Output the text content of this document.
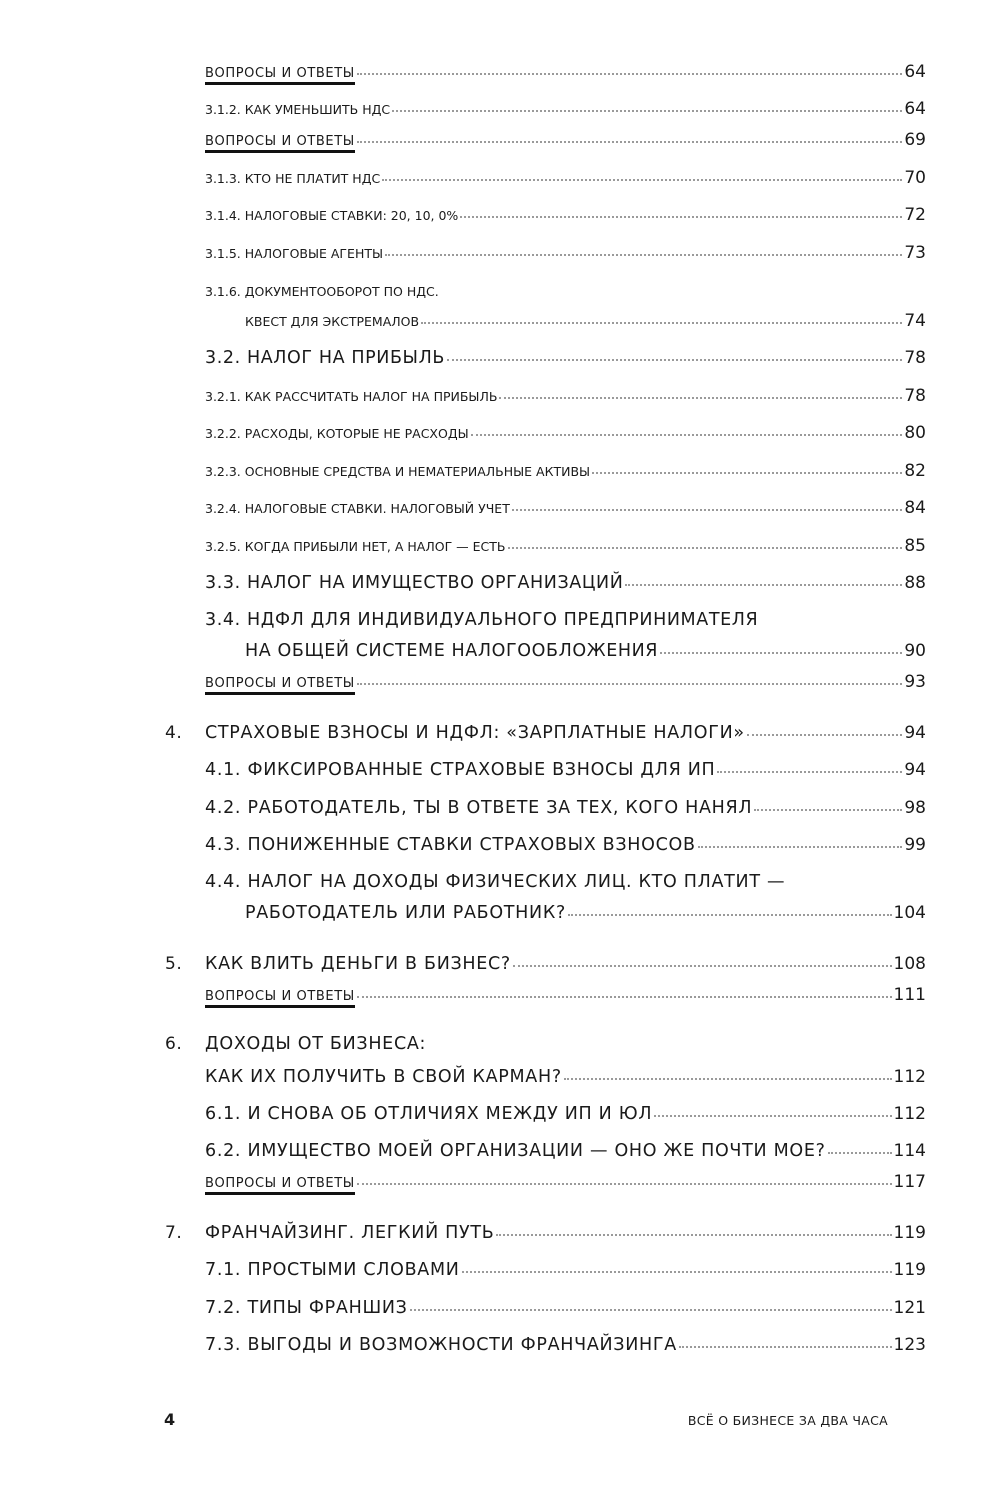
ВОПРОСЫ И ОТВЕТЫ	64
3.1.2. КАК УМЕНЬШИТЬ НДС	64
ВОПРОСЫ И ОТВЕТЫ	69
3.1.3. КТО НЕ ПЛАТИТ НДС	70
3.1.4. НАЛОГОВЫЕ СТАВКИ: 20, 10, 0%	72
3.1.5. НАЛОГОВЫЕ АГЕНТЫ	73
3.1.6. ДОКУМЕНТООБОРОТ ПО НДС.
КВЕСТ ДЛЯ ЭКСТРЕМАЛОВ	74
3.2. НАЛОГ НА ПРИБЫЛЬ	78
3.2.1. КАК РАССЧИТАТЬ НАЛОГ НА ПРИБЫЛЬ	78
3.2.2. РАСХОДЫ, КОТОРЫЕ НЕ РАСХОДЫ	80
3.2.3. ОСНОВНЫЕ СРЕДСТВА И НЕМАТЕРИАЛЬНЫЕ АКТИВЫ	82
3.2.4. НАЛОГОВЫЕ СТАВКИ. НАЛОГОВЫЙ УЧЕТ	84
3.2.5. КОГДА ПРИБЫЛИ НЕТ, А НАЛОГ — ЕСТЬ	85
3.3. НАЛОГ НА ИМУЩЕСТВО ОРГАНИЗАЦИЙ	88
3.4. НДФЛ ДЛЯ ИНДИВИДУАЛЬНОГО ПРЕДПРИНИМАТЕЛЯ
НА ОБЩЕЙ СИСТЕМЕ НАЛОГООБЛОЖЕНИЯ	90
ВОПРОСЫ И ОТВЕТЫ	93
4. СТРАХОВЫЕ ВЗНОСЫ И НДФЛ: «ЗАРПЛАТНЫЕ НАЛОГИ»	94
4.1. ФИКСИРОВАННЫЕ СТРАХОВЫЕ ВЗНОСЫ ДЛЯ ИП	94
4.2. РАБОТОДАТЕЛЬ, ТЫ В ОТВЕТЕ ЗА ТЕХ, КОГО НАНЯЛ	98
4.3. ПОНИЖЕННЫЕ СТАВКИ СТРАХОВЫХ ВЗНОСОВ	99
4.4. НАЛОГ НА ДОХОДЫ ФИЗИЧЕСКИХ ЛИЦ. КТО ПЛАТИТ —
РАБОТОДАТЕЛЬ ИЛИ РАБОТНИК?	104
5. КАК ВЛИТЬ ДЕНЬГИ В БИЗНЕС?	108
ВОПРОСЫ И ОТВЕТЫ	111
6. ДОХОДЫ ОТ БИЗНЕСА:
КАК ИХ ПОЛУЧИТЬ В СВОЙ КАРМАН?	112
6.1. И СНОВА ОБ ОТЛИЧИЯХ МЕЖДУ ИП И ЮЛ	112
6.2. ИМУЩЕСТВО МОЕЙ ОРГАНИЗАЦИИ — ОНО ЖЕ ПОЧТИ МОЕ?	114
ВОПРОСЫ И ОТВЕТЫ	117
7. ФРАНЧАЙЗИНГ. ЛЕГКИЙ ПУТЬ	119
7.1. ПРОСТЫМИ СЛОВАМИ	119
7.2. ТИПЫ ФРАНШИЗ	121
7.3. ВЫГОДЫ И ВОЗМОЖНОСТИ ФРАНЧАЙЗИНГА	123
4	ВСЁ О БИЗНЕСЕ ЗА ДВА ЧАСА
